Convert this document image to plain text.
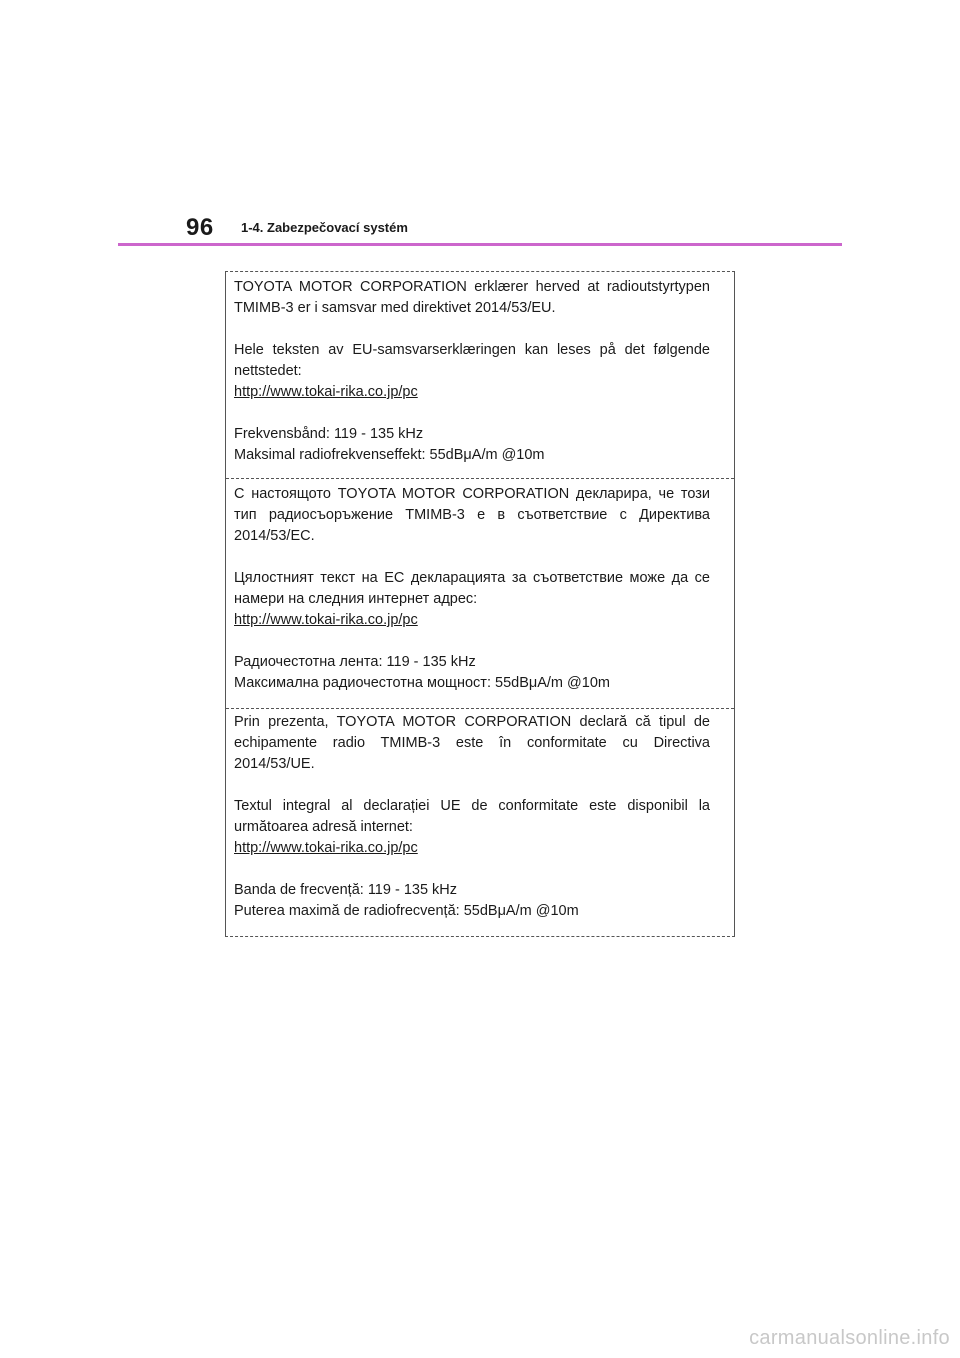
96 1-4. Zabezpečovací systém

TOYOTA MOTOR CORPORATION erklærer herved at radioutstyrtypen TMIMB-3 er i samsvar med direktivet 2014/53/EU.

Hele teksten av EU-samsvarserklæringen kan leses på det følgende nettstedet:
http://www.tokai-rika.co.jp/pc

Frekvensbånd: 119 - 135 kHz
Maksimal radiofrekvenseffekt: 55dBμA/m @10m

С настоящото TOYOTA MOTOR CORPORATION декларира, че този тип радиосъоръжение TMIMB-3 е в съответствие с Директива 2014/53/ЕС.

Цялостният текст на ЕС декларацията за съответствие може да се намери на следния интернет адрес:
http://www.tokai-rika.co.jp/pc

Радиочестотна лента: 119 - 135 kHz
Максимална радиочестотна мощност: 55dBμA/m @10m

Prin prezenta, TOYOTA MOTOR CORPORATION declară că tipul de echipamente radio TMIMB-3 este în conformitate cu Directiva 2014/53/UE.

Textul integral al declarației UE de conformitate este disponibil la următoarea adresă internet:
http://www.tokai-rika.co.jp/pc

Banda de frecvență: 119 - 135 kHz
Puterea maximă de radiofrecvență: 55dBμA/m @10m

carmanualsonline.info
